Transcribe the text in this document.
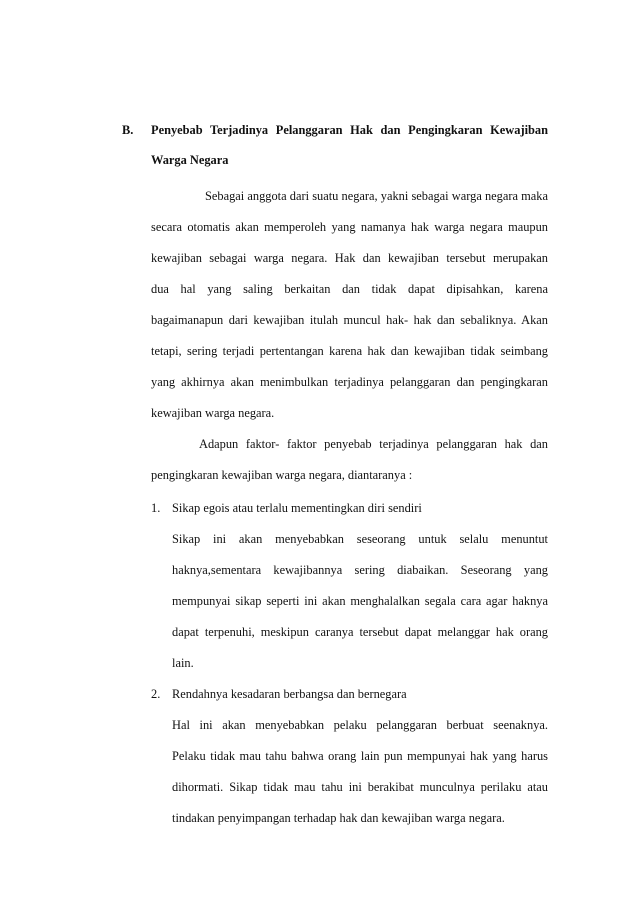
B. Penyebab Terjadinya Pelanggaran Hak dan Pengingkaran Kewajiban
Warga Negara
Sebagai anggota dari suatu negara, yakni sebagai warga negara maka
secara otomatis akan memperoleh yang namanya hak warga negara maupun
kewajiban sebagai warga negara. Hak dan kewajiban tersebut merupakan
dua hal yang saling berkaitan dan tidak dapat dipisahkan, karena
bagaimanapun dari kewajiban itulah muncul hak- hak dan sebaliknya. Akan
tetapi, sering terjadi pertentangan karena hak dan kewajiban tidak seimbang
yang akhirnya akan menimbulkan terjadinya pelanggaran dan pengingkaran
kewajiban warga negara.
Adapun faktor- faktor penyebab terjadinya pelanggaran hak dan
pengingkaran kewajiban warga negara, diantaranya :
1. Sikap egois atau terlalu mementingkan diri sendiri
Sikap ini akan menyebabkan seseorang untuk selalu menuntut
haknya,sementara kewajibannya sering diabaikan. Seseorang yang
mempunyai sikap seperti ini akan menghalalkan segala cara agar haknya
dapat terpenuhi, meskipun caranya tersebut dapat melanggar hak orang
lain.
2. Rendahnya kesadaran berbangsa dan bernegara
Hal ini akan menyebabkan pelaku pelanggaran berbuat seenaknya.
Pelaku tidak mau tahu bahwa orang lain pun mempunyai hak yang harus
dihormati. Sikap tidak mau tahu ini berakibat munculnya perilaku atau
tindakan penyimpangan terhadap hak dan kewajiban warga negara.
